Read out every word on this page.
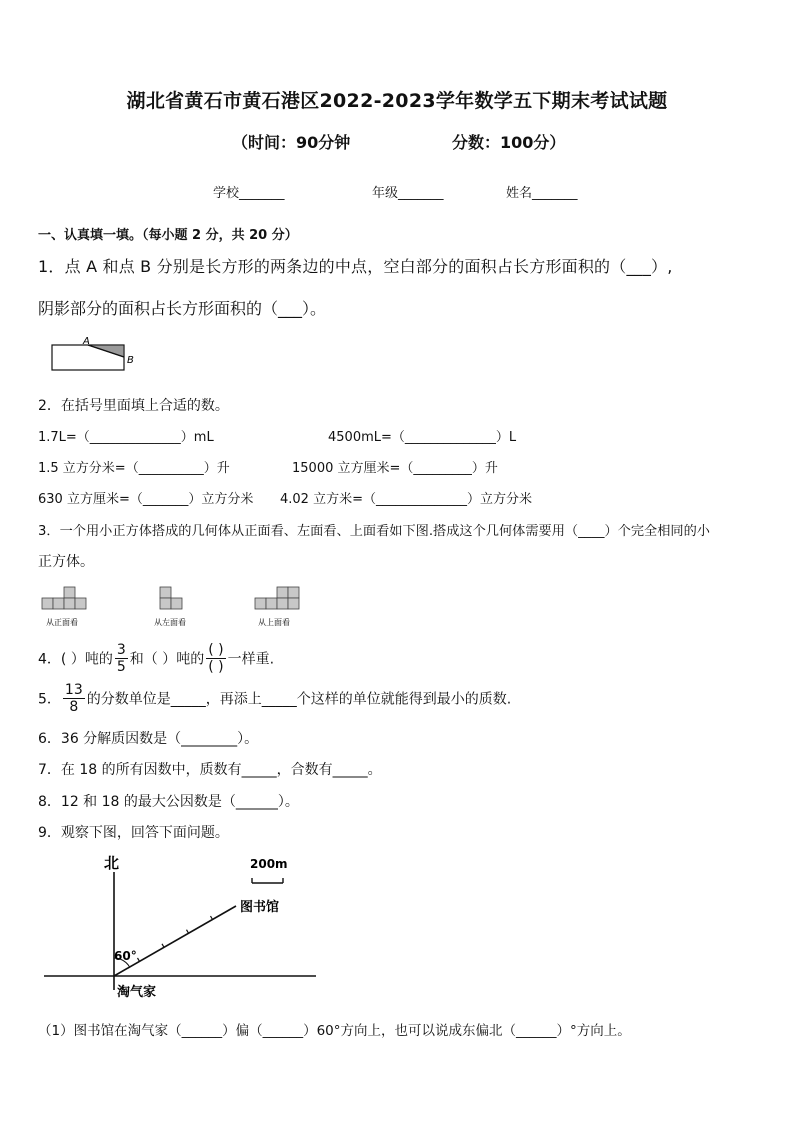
湖北省黄石市黄石港区2022-2023学年数学五下期末考试试题
（时间：90分钟	分数：100分）
学校_______	年级_______	姓名_______
一、认真填一填。（每小题 2 分，共 20 分）
1．点 A 和点 B 分别是长方形的两条边的中点，空白部分的面积占长方形面积的（___）,
阴影部分的面积占长方形面积的（___）。
A
B
2．在括号里面填上合适的数。
1.7L=（______________）mL	4500mL=（______________）L
1.5 立方分米=（__________）升	15000 立方厘米=（_________）升
630 立方厘米=（_______）立方分米 4.02 立方米=（______________）立方分米
3．一个用小正方体搭成的几何体从正面看、左面看、上面看如下图.搭成这个几何体需要用（____）个完全相同的小
正方体。
从正面看	从左面看	从上面看
4．( ）吨的 $\frac{3}{5}$ 和（ ）吨的 $\frac{( )}{( )}$ 一样重.
5． $\frac{13}{8}$ 的分数单位是_____，再添上_____个这样的单位就能得到最小的质数.
6．36 分解质因数是（________）。
7．在 18 的所有因数中，质数有_____，合数有_____。
8．12 和 18 的最大公因数是（______）。
9．观察下图，回答下面问题。
北	200m
图书馆
60°
淘气家
（1）图书馆在淘气家（______）偏（______）60°方向上，也可以说成东偏北（______）°方向上。
